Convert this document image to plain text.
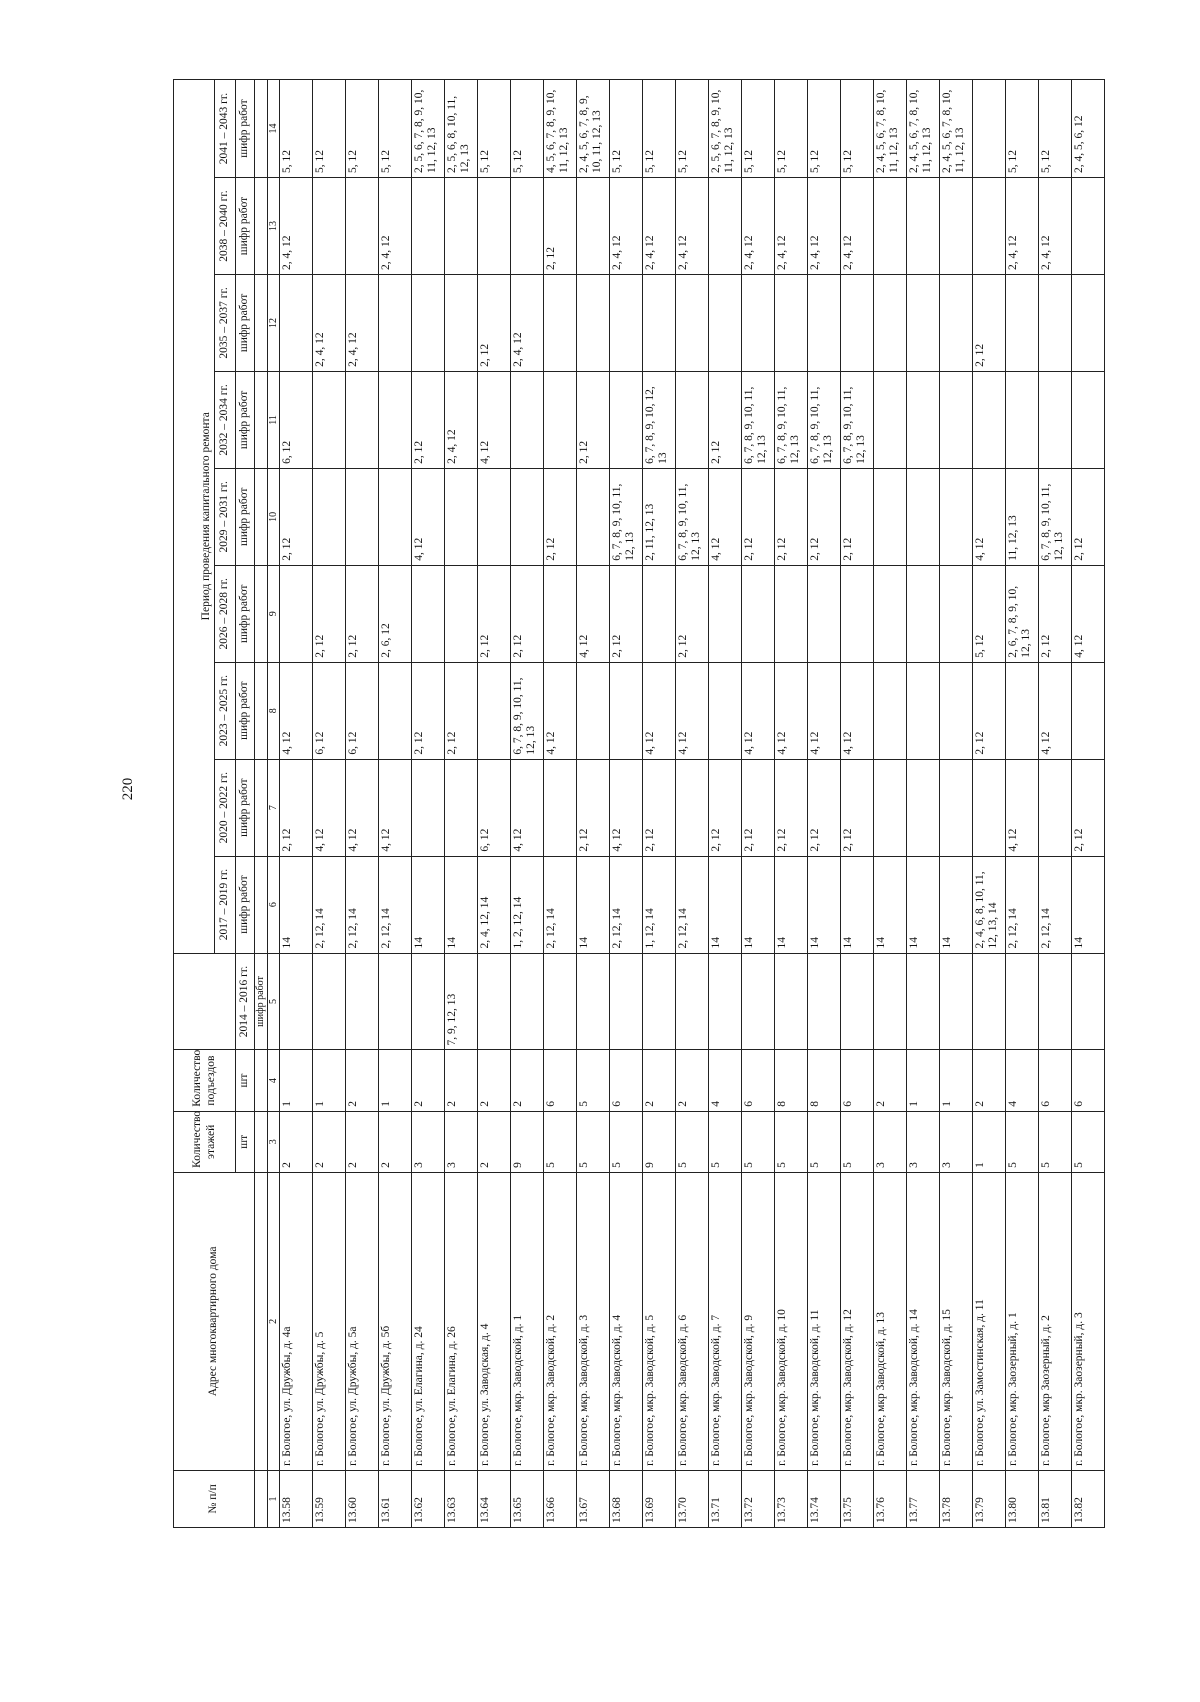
220
№ п/п	Адрес многоквартирного дома	Количество этажей	Количество подъездов		Период проведения капитального ремонта								
					2017 – 2019 гг.	2020 – 2022 гг.	2023 – 2025 гг.	2026 – 2028 гг.	2029 – 2031 гг.	2032 – 2034 гг.	2035 – 2037 гг.	2038 – 2040 гг.	2041 – 2043 гг.
		шт	шт	2014 – 2016 гг.	шифр работ	шифр работ	шифр работ	шифр работ	шифр работ	шифр работ	шифр работ	шифр работ	шифр работ
				шифр работ									
1	2	3	4	5	6	7	8	9	10	11	12	13	14
13.58	г. Бологое, ул. Дружбы, д. 4а	2	1		14	2, 12	4, 12		2, 12	6, 12		2, 4, 12	5, 12
13.59	г. Бологое, ул. Дружбы, д. 5	2	1		2, 12, 14	4, 12	6, 12	2, 12			2, 4, 12		5, 12
13.60	г. Бологое, ул. Дружбы, д. 5а	2	2		2, 12, 14	4, 12	6, 12	2, 12			2, 4, 12		5, 12
13.61	г. Бологое, ул. Дружбы, д. 5б	2	1		2, 12, 14	4, 12		2, 6, 12				2, 4, 12	5, 12
13.62	г. Бологое, ул. Елагина, д. 24	3	2		14		2, 12		4, 12	2, 12			2, 5, 6, 7, 8, 9, 10, 11, 12, 13
13.63	г. Бологое, ул. Елагина, д. 26	3	2	7, 9, 12, 13	14		2, 12			2, 4, 12			2, 5, 6, 8, 10, 11, 12, 13
13.64	г. Бологое, ул. Заводская, д. 4	2	2		2, 4, 12, 14	6, 12		2, 12		4, 12	2, 12		5, 12
13.65	г. Бологое, мкр. Заводской, д. 1	9	2		1, 2, 12, 14	4, 12	6, 7, 8, 9, 10, 11, 12, 13	2, 12			2, 4, 12		5, 12
13.66	г. Бологое, мкр. Заводской, д. 2	5	6		2, 12, 14		4, 12		2, 12			2, 12	4, 5, 6, 7, 8, 9, 10, 11, 12, 13
13.67	г. Бологое, мкр. Заводской, д. 3	5	5		14	2, 12		4, 12		2, 12			2, 4, 5, 6, 7, 8, 9, 10, 11, 12, 13
13.68	г. Бологое, мкр. Заводской, д. 4	5	6		2, 12, 14	4, 12		2, 12	6, 7, 8, 9, 10, 11, 12, 13			2, 4, 12	5, 12
13.69	г. Бологое, мкр. Заводской, д. 5	9	2		1, 12, 14	2, 12	4, 12		2, 11, 12, 13	6, 7, 8, 9, 10, 12, 13		2, 4, 12	5, 12
13.70	г. Бологое, мкр. Заводской, д. 6	5	2		2, 12, 14		4, 12	2, 12	6, 7, 8, 9, 10, 11, 12, 13			2, 4, 12	5, 12
13.71	г. Бологое, мкр. Заводской, д. 7	5	4		14	2, 12			4, 12	2, 12			2, 5, 6, 7, 8, 9, 10, 11, 12, 13
13.72	г. Бологое, мкр. Заводской, д. 9	5	6		14	2, 12	4, 12		2, 12	6, 7, 8, 9, 10, 11, 12, 13		2, 4, 12	5, 12
13.73	г. Бологое, мкр. Заводской, д. 10	5	8		14	2, 12	4, 12		2, 12	6, 7, 8, 9, 10, 11, 12, 13		2, 4, 12	5, 12
13.74	г. Бологое, мкр. Заводской, д. 11	5	8		14	2, 12	4, 12		2, 12	6, 7, 8, 9, 10, 11, 12, 13		2, 4, 12	5, 12
13.75	г. Бологое, мкр. Заводской, д. 12	5	6		14	2, 12	4, 12		2, 12	6, 7, 8, 9, 10, 11, 12, 13		2, 4, 12	5, 12
13.76	г. Бологое, мкр Заводской, д. 13	3	2		14								2, 4, 5, 6, 7, 8, 10, 11, 12, 13
13.77	г. Бологое, мкр. Заводской, д. 14	3	1		14								2, 4, 5, 6, 7, 8, 10, 11, 12, 13
13.78	г. Бологое, мкр. Заводской, д. 15	3	1		14								2, 4, 5, 6, 7, 8, 10, 11, 12, 13
13.79	г. Бологое, ул. Замостинская, д. 11	1	2		2, 4, 6, 8, 10, 11, 12, 13, 14		2, 12	5, 12	4, 12		2, 12		
13.80	г. Бологое, мкр. Заозерный, д. 1	5	4		2, 12, 14	4, 12		2, 6, 7, 8, 9, 10, 12, 13	11, 12, 13			2, 4, 12	5, 12
13.81	г. Бологое, мкр Заозерный, д. 2	5	6		2, 12, 14		4, 12	2, 12	6, 7, 8, 9, 10, 11, 12, 13			2, 4, 12	5, 12
13.82	г. Бологое, мкр. Заозерный, д. 3	5	6		14	2, 12		4, 12	2, 12				2, 4, 5, 6, 12
